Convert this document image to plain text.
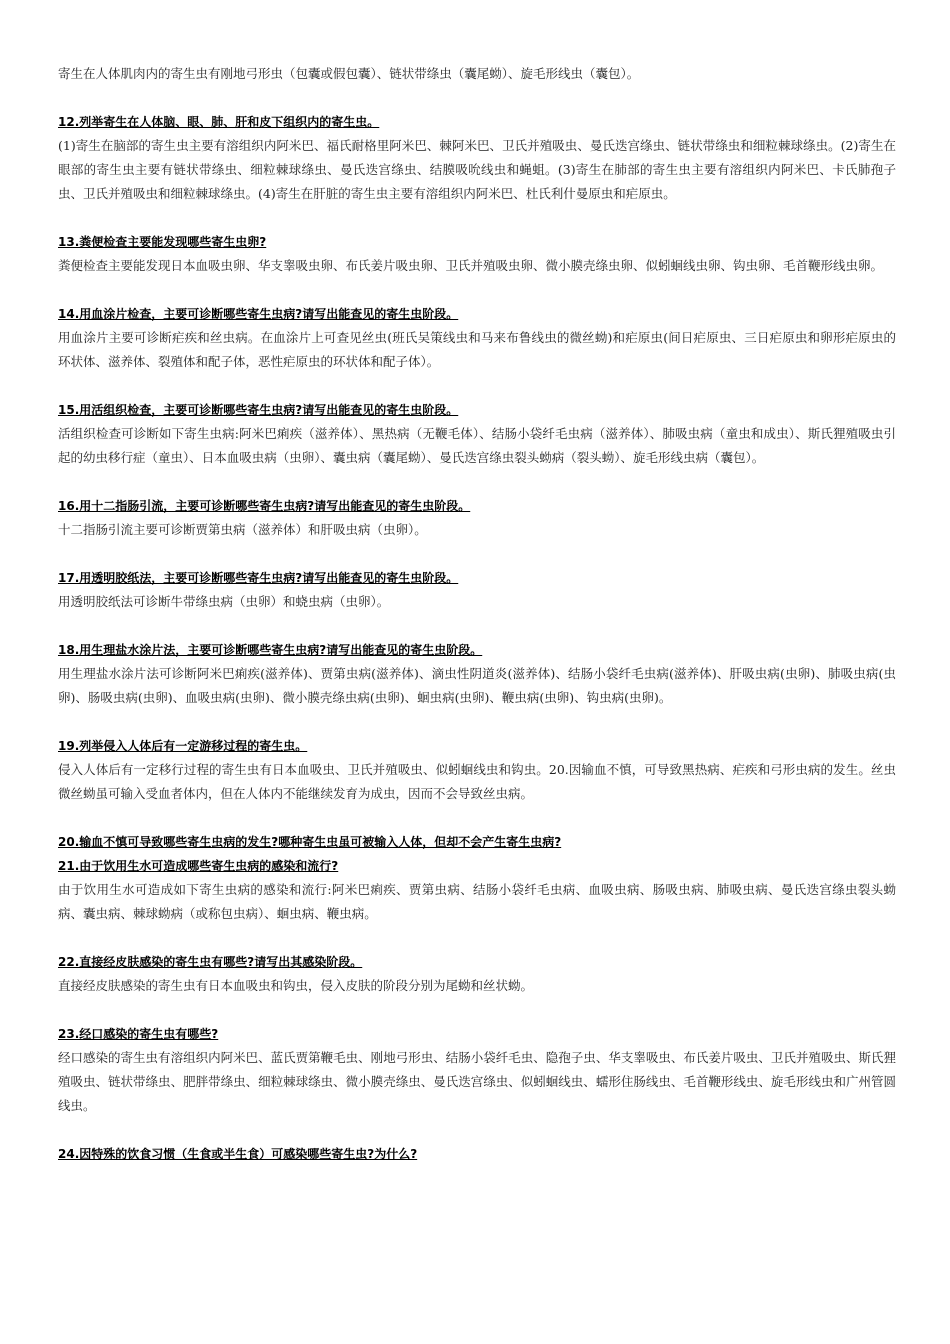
寄生在人体肌肉内的寄生虫有刚地弓形虫（包囊或假包囊）、链状带绦虫（囊尾蚴）、旋毛形线虫（囊包）。

12.列举寄生在人体脑、眼、肺、肝和皮下组织内的寄生虫。

(1)寄生在脑部的寄生虫主要有溶组织内阿米巴、福氏耐格里阿米巴、棘阿米巴、卫氏并殖吸虫、曼氏迭宫绦虫、链状带绦虫和细粒棘球绦虫。(2)寄生在眼部的寄生虫主要有链状带绦虫、细粒棘球绦虫、曼氏迭宫绦虫、结膜吸吮线虫和蝇蛆。(3)寄生在肺部的寄生虫主要有溶组织内阿米巴、卡氏肺孢子虫、卫氏并殖吸虫和细粒棘球绦虫。(4)寄生在肝脏的寄生虫主要有溶组织内阿米巴、杜氏利什曼原虫和疟原虫。

13.粪便检查主要能发现哪些寄生虫卵?

粪便检查主要能发现日本血吸虫卵、华支睾吸虫卵、布氏姜片吸虫卵、卫氏并殖吸虫卵、微小膜壳绦虫卵、似蚓蛔线虫卵、钩虫卵、毛首鞭形线虫卵。

14.用血涂片检查，主要可诊断哪些寄生虫病?请写出能查见的寄生虫阶段。

用血涂片主要可诊断疟疾和丝虫病。在血涂片上可查见丝虫(班氏吴策线虫和马来布鲁线虫的微丝蚴)和疟原虫(间日疟原虫、三日疟原虫和卵形疟原虫的环状体、滋养体、裂殖体和配子体，恶性疟原虫的环状体和配子体）。

15.用活组织检查，主要可诊断哪些寄生虫病?请写出能查见的寄生虫阶段。

活组织检查可诊断如下寄生虫病:阿米巴痢疾（滋养体）、黑热病（无鞭毛体）、结肠小袋纤毛虫病（滋养体）、肺吸虫病（童虫和成虫）、斯氏狸殖吸虫引起的幼虫移行症（童虫）、日本血吸虫病（虫卵）、囊虫病（囊尾蚴）、曼氏迭宫绦虫裂头蚴病（裂头蚴）、旋毛形线虫病（囊包）。

16.用十二指肠引流，主要可诊断哪些寄生虫病?请写出能查见的寄生虫阶段。

十二指肠引流主要可诊断贾第虫病（滋养体）和肝吸虫病（虫卵）。

17.用透明胶纸法，主要可诊断哪些寄生虫病?请写出能查见的寄生虫阶段。

用透明胶纸法可诊断牛带绦虫病（虫卵）和蛲虫病（虫卵）。

18.用生理盐水涂片法，主要可诊断哪些寄生虫病?请写出能查见的寄生虫阶段。

用生理盐水涂片法可诊断阿米巴痢疾(滋养体)、贾第虫病(滋养体)、滴虫性阴道炎(滋养体)、结肠小袋纤毛虫病(滋养体)、肝吸虫病(虫卵)、肺吸虫病(虫卵)、肠吸虫病(虫卵)、血吸虫病(虫卵)、微小膜壳绦虫病(虫卵)、蛔虫病(虫卵)、鞭虫病(虫卵)、钩虫病(虫卵)。

19.列举侵入人体后有一定游移过程的寄生虫。

侵入人体后有一定移行过程的寄生虫有日本血吸虫、卫氏并殖吸虫、似蚓蛔线虫和钩虫。20.因输血不慎，可导致黑热病、疟疾和弓形虫病的发生。丝虫微丝蚴虽可输入受血者体内，但在人体内不能继续发育为成虫，因而不会导致丝虫病。

20.输血不慎可导致哪些寄生虫病的发生?哪种寄生虫虽可被输入人体，但却不会产生寄生虫病?

21.由于饮用生水可造成哪些寄生虫病的感染和流行?

由于饮用生水可造成如下寄生虫病的感染和流行:阿米巴痢疾、贾第虫病、结肠小袋纤毛虫病、血吸虫病、肠吸虫病、肺吸虫病、曼氏迭宫绦虫裂头蚴病、囊虫病、棘球蚴病（或称包虫病）、蛔虫病、鞭虫病。

22.直接经皮肤感染的寄生虫有哪些?请写出其感染阶段。

直接经皮肤感染的寄生虫有日本血吸虫和钩虫，侵入皮肤的阶段分别为尾蚴和丝状蚴。

23.经口感染的寄生虫有哪些?

经口感染的寄生虫有溶组织内阿米巴、蓝氏贾第鞭毛虫、刚地弓形虫、结肠小袋纤毛虫、隐孢子虫、华支睾吸虫、布氏姜片吸虫、卫氏并殖吸虫、斯氏狸殖吸虫、链状带绦虫、肥胖带绦虫、细粒棘球绦虫、微小膜壳绦虫、曼氏迭宫绦虫、似蚓蛔线虫、蠕形住肠线虫、毛首鞭形线虫、旋毛形线虫和广州管圆线虫。

24.因特殊的饮食习惯（生食或半生食）可感染哪些寄生虫?为什么?
